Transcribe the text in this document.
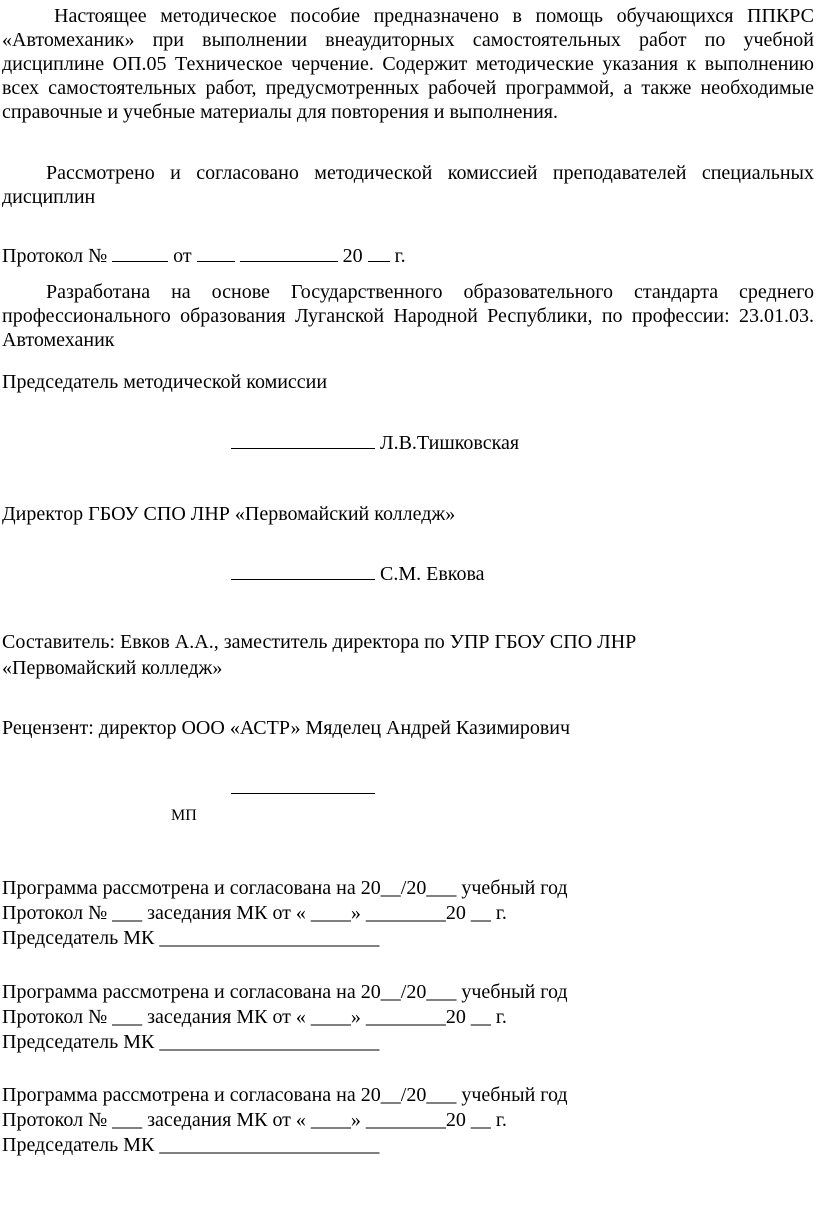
Настоящее методическое пособие предназначено в помощь обучающихся ППКРС «Автомеханик» при выполнении внеаудиторных самостоятельных работ по учебной дисциплине ОП.05 Техническое черчение. Содержит методические указания к выполнению всех самостоятельных работ, предусмотренных рабочей программой, а также необходимые справочные и учебные материалы для повторения и выполнения.

Рассмотрено и согласовано методической комиссией преподавателей специальных дисциплин

Протокол №	от	20 г.

Разработана на основе Государственного образовательного стандарта среднего профессионального образования Луганской Народной Республики, по профессии: 23.01.03. Автомеханик

Председатель методической комиссии

Л.В.Тишковская

Директор ГБОУ СПО ЛНР «Первомайский колледж»

С.М. Евкова

Составитель: Евков А.А., заместитель директора по УПР ГБОУ СПО ЛНР

«Первомайский колледж»

Рецензент: директор ООО «АСТР» Мяделец Андрей Казимирович

МП

Программа рассмотрена и согласована на 20__/20___ учебный год

Протокол № ___ заседания МК от « ____» ________20 __ г.

Председатель МК ______________________

Программа рассмотрена и согласована на 20__/20___ учебный год

Протокол № ___ заседания МК от « ____» ________20 __ г.

Председатель МК ______________________

Программа рассмотрена и согласована на 20__/20___ учебный год

Протокол № ___ заседания МК от « ____» ________20 __ г.

Председатель МК ______________________
